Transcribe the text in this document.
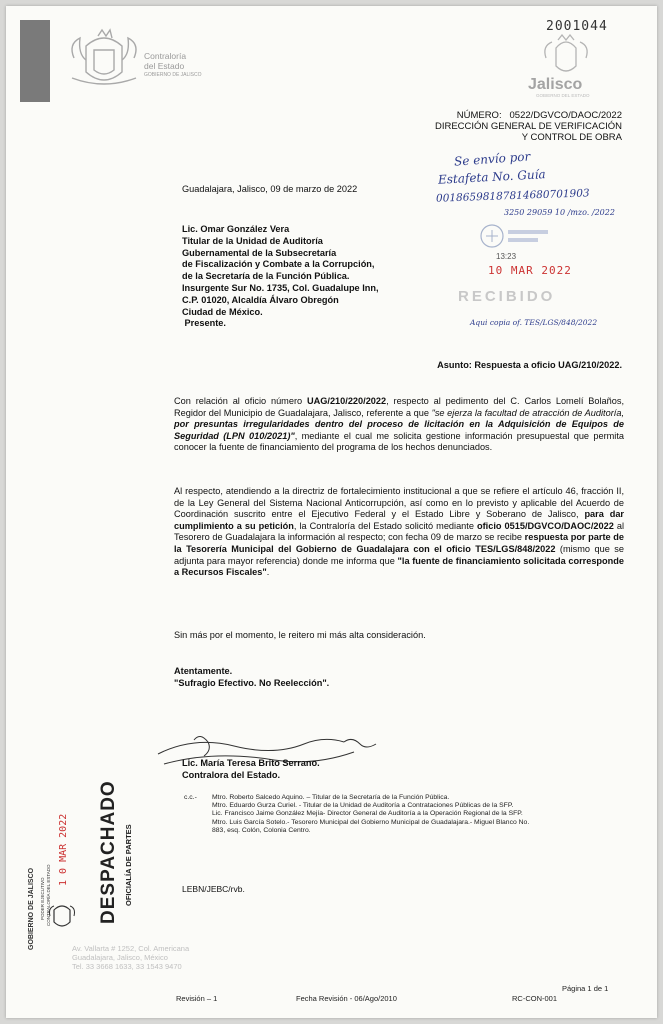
Contraloría
del Estado
GOBIERNO DE JALISCO
2001044
Jalisco
GOBIERNO DEL ESTADO
NÚMERO: 0522/DGVCO/DAOC/2022
DIRECCIÓN GENERAL DE VERIFICACIÓN
Y CONTROL DE OBRA
Se envío por
Estafeta No. Guía
00186598187814680701903
3250 29059 10 /mzo. /2022
13:23
10 MAR 2022
RECIBIDO
Aqui copia of. TES/LGS/848/2022
Guadalajara, Jalisco, 09 de marzo de 2022
Lic. Omar González Vera
Titular de la Unidad de Auditoría
Gubernamental de la Subsecretaría
de Fiscalización y Combate a la Corrupción,
de la Secretaría de la Función Pública.
Insurgente Sur No. 1735, Col. Guadalupe Inn,
C.P. 01020, Alcaldía Álvaro Obregón
Ciudad de México.
Presente.
Asunto: Respuesta a oficio UAG/210/2022.
Con relación al oficio número UAG/210/220/2022, respecto al pedimento del C. Carlos Lomelí Bolaños, Regidor del Municipio de Guadalajara, Jalisco, referente a que "se ejerza la facultad de atracción de Auditoría, por presuntas irregularidades dentro del proceso de licitación en la Adquisición de Equipos de Seguridad (LPN 010/2021)", mediante el cual me solicita gestione información presupuestal que permita conocer la fuente de financiamiento del programa de los hechos denunciados.
Al respecto, atendiendo a la directriz de fortalecimiento institucional a que se refiere el artículo 46, fracción II, de la Ley General del Sistema Nacional Anticorrupción, así como en lo previsto y aplicable del Acuerdo de Coordinación suscrito entre el Ejecutivo Federal y el Estado Libre y Soberano de Jalisco, para dar cumplimiento a su petición, la Contraloría del Estado solicitó mediante oficio 0515/DGVCO/DAOC/2022 al Tesorero de Guadalajara la información al respecto; con fecha 09 de marzo se recibe respuesta por parte de la Tesorería Municipal del Gobierno de Guadalajara con el oficio TES/LGS/848/2022 (mismo que se adjunta para mayor referencia) donde me informa que "la fuente de financiamiento solicitada corresponde a Recursos Fiscales".
Sin más por el momento, le reitero mi más alta consideración.
Atentamente.
"Sufragio Efectivo. No Reelección".
Lic. María Teresa Brito Serrano.
Contralora del Estado.
c.c.- Mtro. Roberto Salcedo Aquino. – Titular de la Secretaría de la Función Pública.
Mtro. Eduardo Gurza Curiel. - Titular de la Unidad de Auditoría a Contrataciones Públicas de la SFP.
Lic. Francisco Jaime González Mejía- Director General de Auditoría a la Operación Regional de la SFP.
Mtro. Luis García Sotelo.- Tesorero Municipal del Gobierno Municipal de Guadalajara.- Miguel Blanco No.
883, esq. Colón, Colonia Centro.
LEBN/JEBC/rvb.
GOBIERNO DE JALISCO PODER EJECUTIVO CONTRALORÍA DEL ESTADO
1 0 MAR 2022 DESPACHADO OFICIALÍA DE PARTES
Av. Vallarta # 1252, Col. Americana
Guadalajara, Jalisco, México
Tel. 33 3668 1633, 33 1543 9470
Página 1 de 1
Revisión – 1	Fecha Revisión - 06/Ago/2010	RC-CON-001
